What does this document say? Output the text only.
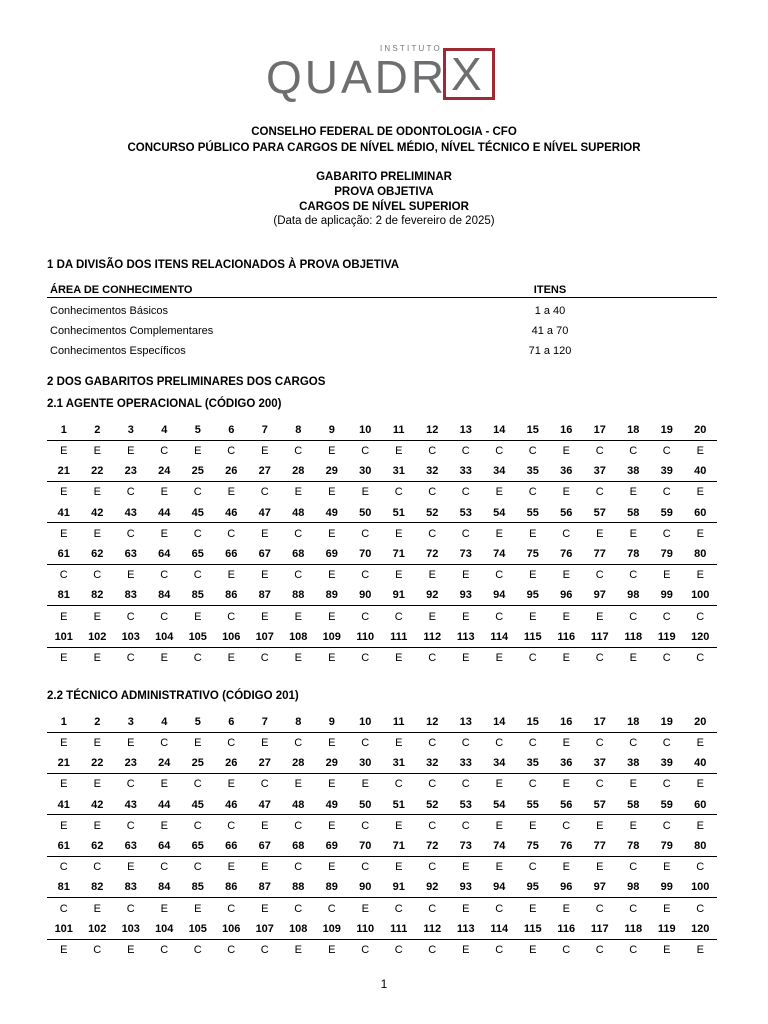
INSTITUTO
QUADR X
CONSELHO FEDERAL DE ODONTOLOGIA - CFO
CONCURSO PÚBLICO PARA CARGOS DE NÍVEL MÉDIO, NÍVEL TÉCNICO E NÍVEL SUPERIOR
GABARITO PRELIMINAR
PROVA OBJETIVA
CARGOS DE NÍVEL SUPERIOR
(Data de aplicação: 2 de fevereiro de 2025)
1 DA DIVISÃO DOS ITENS RELACIONADOS À PROVA OBJETIVA
ÁREA DE CONHECIMENTO	ITENS
Conhecimentos Básicos	1 a 40
Conhecimentos Complementares	41 a 70
Conhecimentos Específicos	71 a 120
2 DOS GABARITOS PRELIMINARES DOS CARGOS
2.1 AGENTE OPERACIONAL (CÓDIGO 200)
1	2	3	4	5	6	7	8	9	10	11	12	13	14	15	16	17	18	19	20
E	E	E	C	E	C	E	C	E	C	E	C	C	C	C	E	C	C	C	E
21	22	23	24	25	26	27	28	29	30	31	32	33	34	35	36	37	38	39	40
E	E	C	E	C	E	C	E	E	E	C	C	C	E	C	E	C	E	C	E
41	42	43	44	45	46	47	48	49	50	51	52	53	54	55	56	57	58	59	60
E	E	C	E	C	C	E	C	E	C	E	C	C	E	E	C	E	E	C	E
61	62	63	64	65	66	67	68	69	70	71	72	73	74	75	76	77	78	79	80
C	C	E	C	C	E	E	C	E	C	E	E	E	C	E	E	C	C	E	E
81	82	83	84	85	86	87	88	89	90	91	92	93	94	95	96	97	98	99	100
E	E	C	C	E	C	E	E	E	C	C	E	E	C	E	E	E	C	C	C
101	102	103	104	105	106	107	108	109	110	111	112	113	114	115	116	117	118	119	120
E	E	C	E	C	E	C	E	E	C	E	C	E	E	C	E	C	E	C	C
2.2 TÉCNICO ADMINISTRATIVO (CÓDIGO 201)
1	2	3	4	5	6	7	8	9	10	11	12	13	14	15	16	17	18	19	20
E	E	E	C	E	C	E	C	E	C	E	C	C	C	C	E	C	C	C	E
21	22	23	24	25	26	27	28	29	30	31	32	33	34	35	36	37	38	39	40
E	E	C	E	C	E	C	E	E	E	C	C	C	E	C	E	C	E	C	E
41	42	43	44	45	46	47	48	49	50	51	52	53	54	55	56	57	58	59	60
E	E	C	E	C	C	E	C	E	C	E	C	C	E	E	C	E	E	C	E
61	62	63	64	65	66	67	68	69	70	71	72	73	74	75	76	77	78	79	80
C	C	E	C	C	E	E	C	E	C	E	C	E	E	C	E	E	C	E	C
81	82	83	84	85	86	87	88	89	90	91	92	93	94	95	96	97	98	99	100
C	E	C	E	E	C	E	C	C	E	C	C	E	C	E	E	C	C	E	C
101	102	103	104	105	106	107	108	109	110	111	112	113	114	115	116	117	118	119	120
E	C	E	C	C	C	C	E	E	C	C	C	E	C	E	C	C	C	E	E
1
